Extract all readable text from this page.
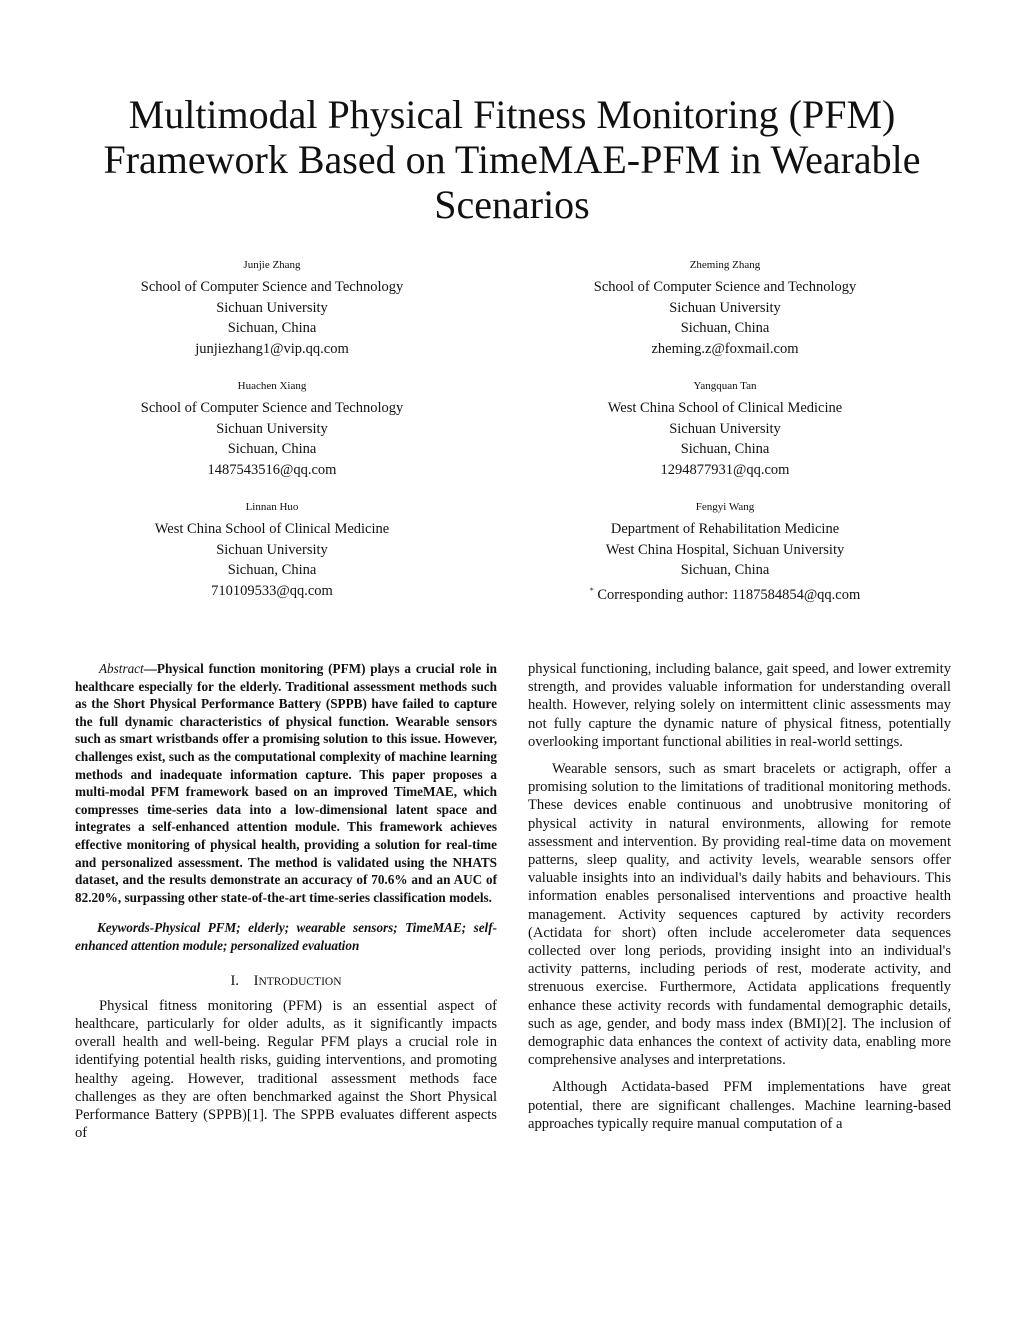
Multimodal Physical Fitness Monitoring (PFM) Framework Based on TimeMAE-PFM in Wearable Scenarios
Junjie Zhang
School of Computer Science and Technology
Sichuan University
Sichuan, China
junjiezhang1@vip.qq.com
Zheming Zhang
School of Computer Science and Technology
Sichuan University
Sichuan, China
zheming.z@foxmail.com
Huachen Xiang
School of Computer Science and Technology
Sichuan University
Sichuan, China
1487543516@qq.com
Yangquan Tan
West China School of Clinical Medicine
Sichuan University
Sichuan, China
1294877931@qq.com
Linnan Huo
West China School of Clinical Medicine
Sichuan University
Sichuan, China
710109533@qq.com
Fengyi Wang
Department of Rehabilitation Medicine
West China Hospital, Sichuan University
Sichuan, China
* Corresponding author: 1187584854@qq.com

Abstract—Physical function monitoring (PFM) plays a crucial role in healthcare especially for the elderly. Traditional assessment methods such as the Short Physical Performance Battery (SPPB) have failed to capture the full dynamic characteristics of physical function. Wearable sensors such as smart wristbands offer a promising solution to this issue. However, challenges exist, such as the computational complexity of machine learning methods and inadequate information capture. This paper proposes a multi-modal PFM framework based on an improved TimeMAE, which compresses time-series data into a low-dimensional latent space and integrates a self-enhanced attention module. This framework achieves effective monitoring of physical health, providing a solution for real-time and personalized assessment. The method is validated using the NHATS dataset, and the results demonstrate an accuracy of 70.6% and an AUC of 82.20%, surpassing other state-of-the-art time-series classification models.

Keywords-Physical PFM; elderly; wearable sensors; TimeMAE; self-enhanced attention module; personalized evaluation

I. INTRODUCTION

Physical fitness monitoring (PFM) is an essential aspect of healthcare, particularly for older adults, as it significantly impacts overall health and well-being. Regular PFM plays a crucial role in identifying potential health risks, guiding interventions, and promoting healthy ageing. However, traditional assessment methods face challenges as they are often benchmarked against the Short Physical Performance Battery (SPPB)[1]. The SPPB evaluates different aspects of

physical functioning, including balance, gait speed, and lower extremity strength, and provides valuable information for understanding overall health. However, relying solely on intermittent clinic assessments may not fully capture the dynamic nature of physical fitness, potentially overlooking important functional abilities in real-world settings.

Wearable sensors, such as smart bracelets or actigraph, offer a promising solution to the limitations of traditional monitoring methods. These devices enable continuous and unobtrusive monitoring of physical activity in natural environments, allowing for remote assessment and intervention. By providing real-time data on movement patterns, sleep quality, and activity levels, wearable sensors offer valuable insights into an individual's daily habits and behaviours. This information enables personalised interventions and proactive health management. Activity sequences captured by activity recorders (Actidata for short) often include accelerometer data sequences collected over long periods, providing insight into an individual's activity patterns, including periods of rest, moderate activity, and strenuous exercise. Furthermore, Actidata applications frequently enhance these activity records with fundamental demographic details, such as age, gender, and body mass index (BMI)[2]. The inclusion of demographic data enhances the context of activity data, enabling more comprehensive analyses and interpretations.

Although Actidata-based PFM implementations have great potential, there are significant challenges. Machine learning-based approaches typically require manual computation of a
